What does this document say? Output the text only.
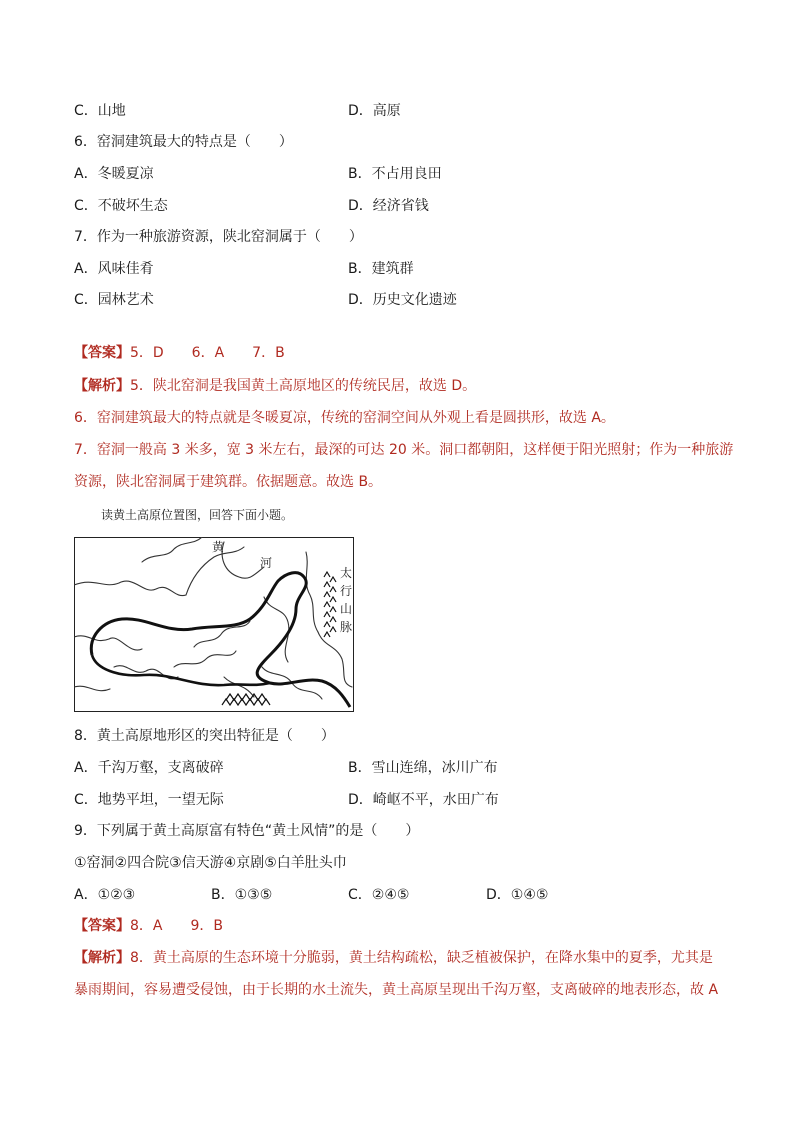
C．山地	D．高原
6．窑洞建筑最大的特点是（　　）
A．冬暖夏凉	B．不占用良田
C．不破坏生态	D．经济省钱
7．作为一种旅游资源，陕北窑洞属于（　　）
A．风味佳肴	B．建筑群
C．园林艺术	D．历史文化遗迹
【答案】5．D　　6．A　　7．B
【解析】5．陕北窑洞是我国黄土高原地区的传统民居，故选 D。
6．窑洞建筑最大的特点就是冬暖夏凉，传统的窑洞空间从外观上看是圆拱形，故选 A。
7．窑洞一般高 3 米多，宽 3 米左右，最深的可达 20 米。洞口都朝阳，这样便于阳光照射；作为一种旅游
资源，陕北窑洞属于建筑群。依据题意。故选 B。
读黄土高原位置图，回答下面小题。
黄
河
太
行
山
脉
8．黄土高原地形区的突出特征是（　　）
A．千沟万壑，支离破碎	B．雪山连绵，冰川广布
C．地势平坦，一望无际	D．崎岖不平，水田广布
9．下列属于黄土高原富有特色“黄土风情”的是（　　）
①窑洞②四合院③信天游④京剧⑤白羊肚头巾
A．①②③	B．①③⑤	C．②④⑤	D．①④⑤
【答案】8．A　　9．B
【解析】8．黄土高原的生态环境十分脆弱，黄土结构疏松，缺乏植被保护，在降水集中的夏季，尤其是
暴雨期间，容易遭受侵蚀，由于长期的水土流失，黄土高原呈现出千沟万壑，支离破碎的地表形态，故 A
